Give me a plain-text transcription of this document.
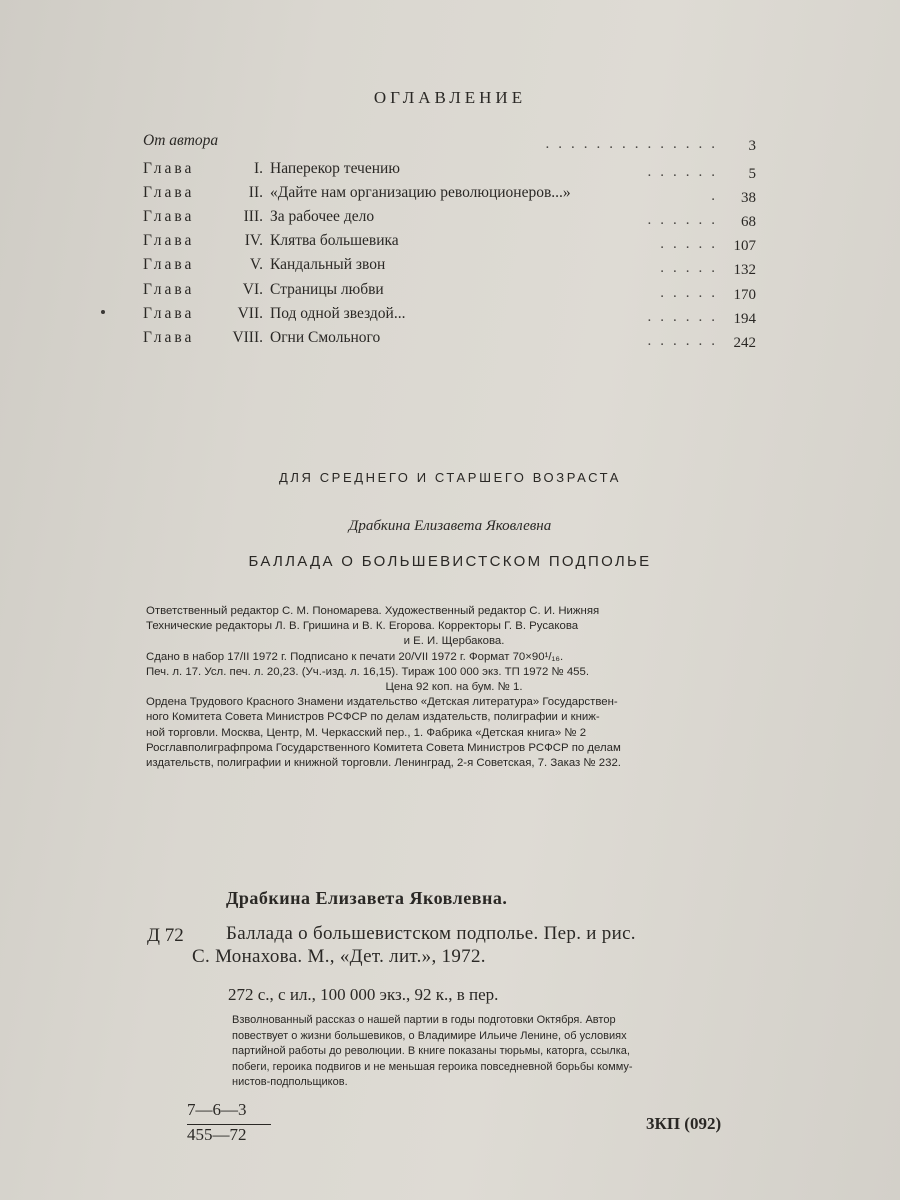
ОГЛАВЛЕНИЕ
От автора	..............	3
Глава	I. Наперекор течению	......	5
Глава	II. «Дайте нам организацию революционеров...»	.	38
Глава	III. За рабочее дело	......	68
Глава	IV. Клятва большевика	..... 107
Глава	V. Кандальный звон	..... 132
Глава	VI. Страницы любви	..... 170
Глава	VII. Под одной звездой...	...... 194
Глава	VIII. Огни Смольного	...... 242
ДЛЯ СРЕДНЕГО И СТАРШЕГО ВОЗРАСТА
Драбкина Елизавета Яковлевна
БАЛЛАДА О БОЛЬШЕВИСТСКОМ ПОДПОЛЬЕ
Ответственный редактор С. М. Пономарева. Художественный редактор С. И. Нижняя
Технические редакторы Л. В. Гришина и В. К. Егорова. Корректоры Г. В. Русакова
и Е. И. Щербакова.
Сдано в набор 17/II 1972 г. Подписано к печати 20/VII 1972 г. Формат 70×90¹/₁₆.
Печ. л. 17. Усл. печ. л. 20,23. (Уч.-изд. л. 16,15). Тираж 100 000 экз. ТП 1972 № 455.
Цена 92 коп. на бум. № 1.
Ордена Трудового Красного Знамени издательство «Детская литература» Государствен-
ного Комитета Совета Министров РСФСР по делам издательств, полиграфии и книж-
ной торговли. Москва, Центр, М. Черкасский пер., 1. Фабрика «Детская книга» № 2
Росглавполиграфпрома Государственного Комитета Совета Министров РСФСР по делам
издательств, полиграфии и книжной торговли. Ленинград, 2-я Советская, 7. Заказ № 232.
Драбкина Елизавета Яковлевна.
Д 72 Баллада о большевистском подполье. Пер. и рис.
С. Монахова. М., «Дет. лит.», 1972.
272 с., с ил., 100 000 экз., 92 к., в пер.
Взволнованный рассказ о нашей партии в годы подготовки Октября. Автор
повествует о жизни большевиков, о Владимире Ильиче Ленине, об условиях
партийной работы до революции. В книге показаны тюрьмы, каторга, ссылка,
побеги, героика подвигов и не меньшая героика повседневной борьбы комму-
нистов-подпольщиков.
7—6—3
455—72
3КП (092)
